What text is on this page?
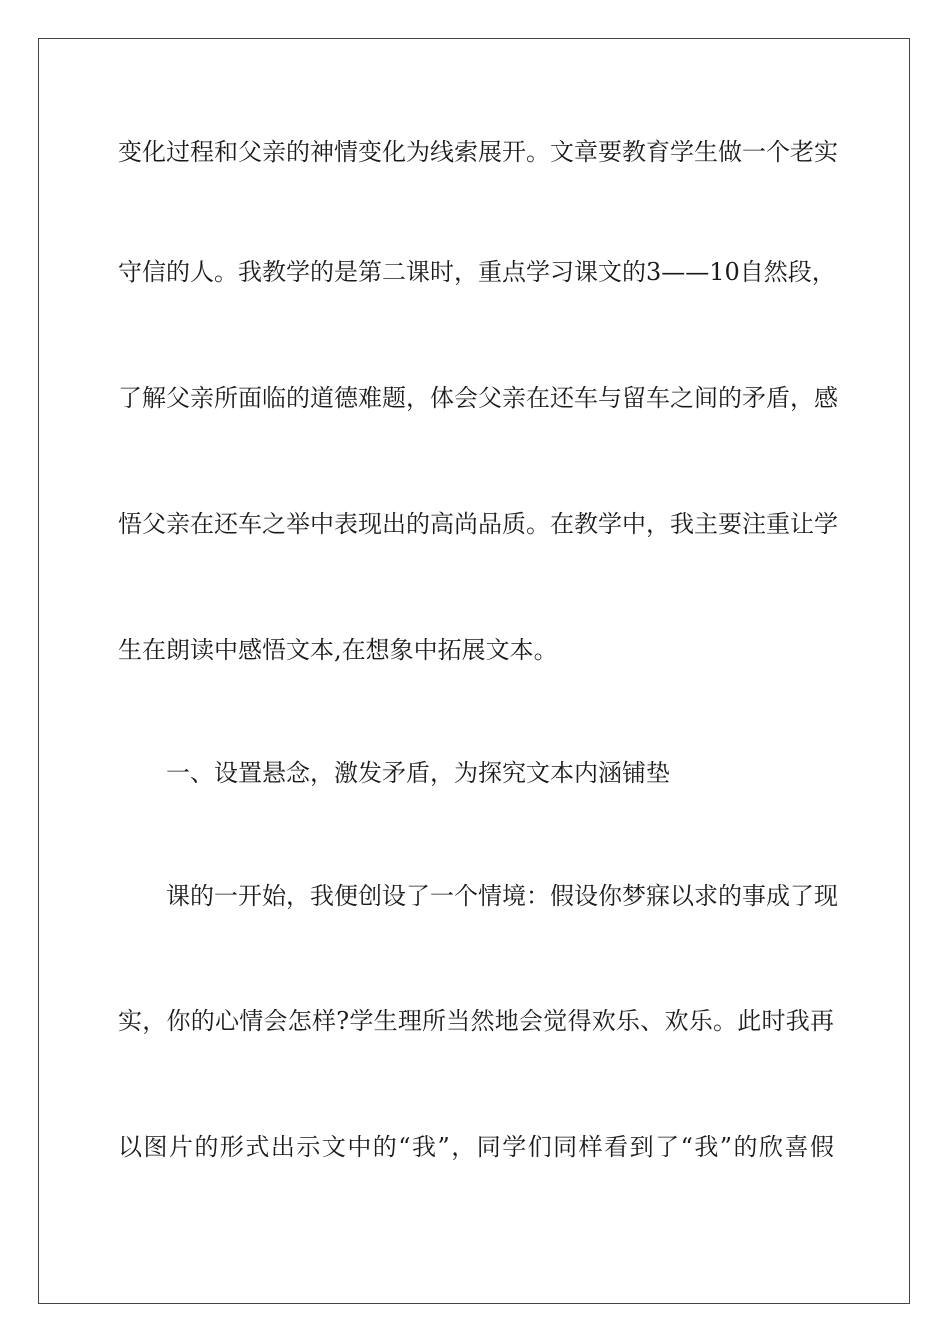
变化过程和父亲的神情变化为线索展开。文章要教育学生做一个老实
守信的人。我教学的是第二课时，重点学习课文的3——10自然段，
了解父亲所面临的道德难题，体会父亲在还车与留车之间的矛盾，感
悟父亲在还车之举中表现出的高尚品质。在教学中，我主要注重让学
生在朗读中感悟文本,在想象中拓展文本。
一、设置悬念，激发矛盾，为探究文本内涵铺垫
课的一开始，我便创设了一个情境：假设你梦寐以求的事成了现
实，你的心情会怎样?学生理所当然地会觉得欢乐、欢乐。此时我再
以图片的形式出示文中的“我”，同学们同样看到了“我”的欣喜假
